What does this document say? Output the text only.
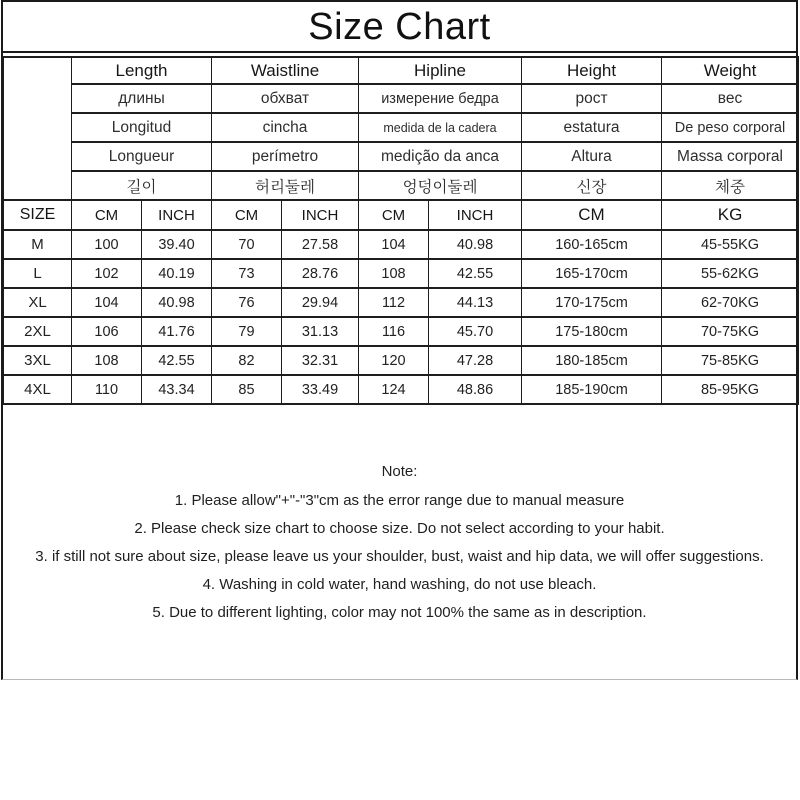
Size Chart
	Length		Waistline		Hipline		Height	Weight
	длины		обхват		измерение бедра		рост	вес
	Longitud		cincha		medida de la cadera		estatura	De peso corporal
	Longueur		perímetro		medição da anca		Altura	Massa corporal
	길이		허리둘레		엉덩이둘레		신장	체중
SIZE	CM	INCH	CM	INCH	CM	INCH	CM	KG
M	100	39.40	70	27.58	104	40.98	160-165cm	45-55KG
L	102	40.19	73	28.76	108	42.55	165-170cm	55-62KG
XL	104	40.98	76	29.94	112	44.13	170-175cm	62-70KG
2XL	106	41.76	79	31.13	116	45.70	175-180cm	70-75KG
3XL	108	42.55	82	32.31	120	47.28	180-185cm	75-85KG
4XL	110	43.34	85	33.49	124	48.86	185-190cm	85-95KG
Note:
1. Please allow"+"-"3"cm as the error range due to manual measure
2. Please check size chart to choose size. Do not select according to your habit.
3. if still not sure about size, please leave us your shoulder, bust, waist and hip data, we will offer suggestions.
4. Washing in cold water, hand washing, do not use bleach.
5. Due to different lighting, color may not 100% the same as in description.
